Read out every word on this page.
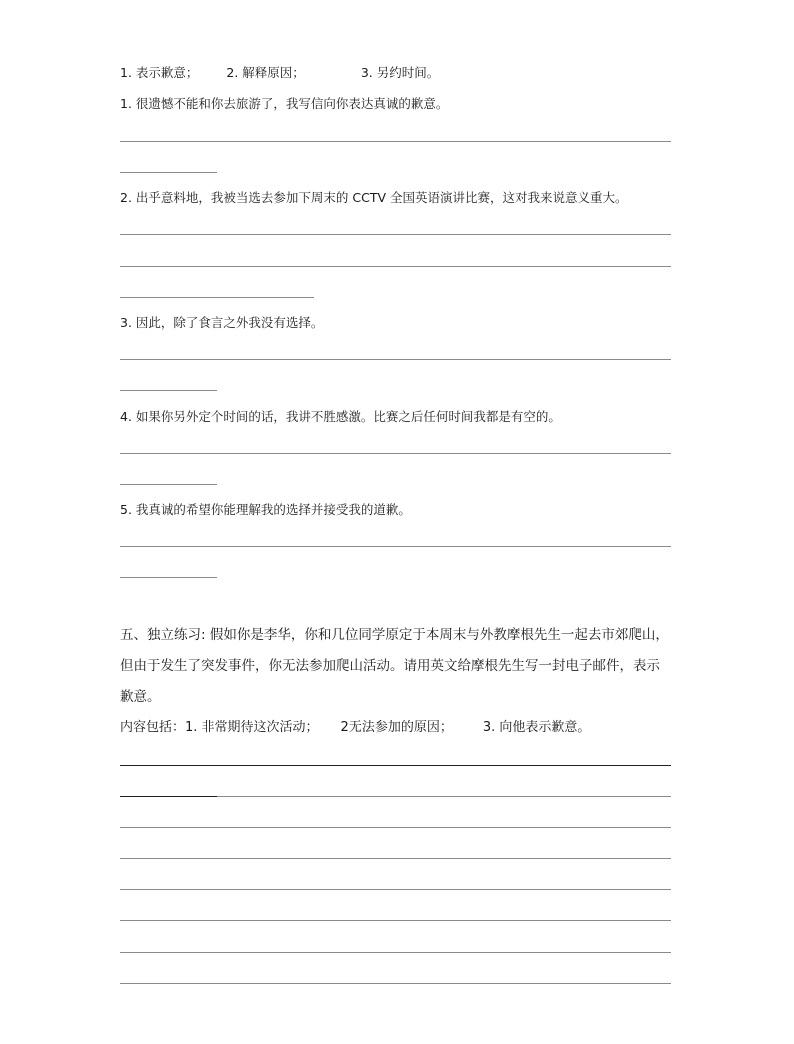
1. 表示歉意； 2. 解释原因；	3. 另约时间。
1. 很遗憾不能和你去旅游了，我写信向你表达真诚的歉意。
2. 出乎意料地，我被当选去参加下周末的 CCTV 全国英语演讲比赛，这对我来说意义重大。
3. 因此，除了食言之外我没有选择。
4. 如果你另外定个时间的话，我讲不胜感激。比赛之后任何时间我都是有空的。
5. 我真诚的希望你能理解我的选择并接受我的道歉。
五、独立练习: 假如你是李华，你和几位同学原定于本周末与外教摩根先生一起去市郊爬山，
但由于发生了突发事件，你无法参加爬山活动。请用英文给摩根先生写一封电子邮件，表示
歉意。
内容包括：1. 非常期待这次活动； 2无法参加的原因； 3. 向他表示歉意。
